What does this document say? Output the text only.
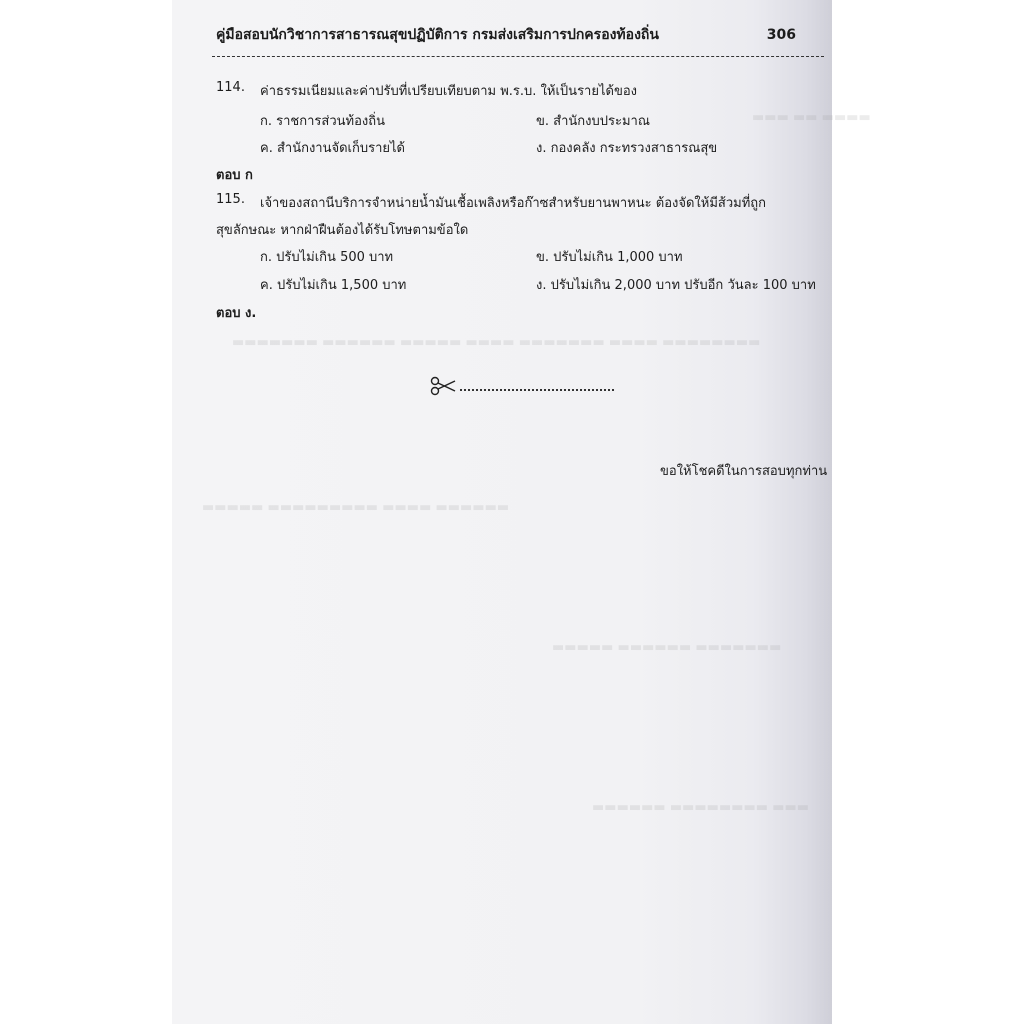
▬▬▬ ▬▬ ▬▬▬▬
▬▬▬▬▬▬▬ ▬▬▬▬▬▬ ▬▬▬▬▬ ▬▬▬▬ ▬▬▬▬▬▬▬ ▬▬▬▬ ▬▬▬▬▬▬▬▬
▬▬▬▬▬ ▬▬▬▬▬▬▬▬▬ ▬▬▬▬ ▬▬▬▬▬▬
▬▬▬▬▬ ▬▬▬▬▬▬ ▬▬▬▬▬▬▬
▬▬▬▬▬▬ ▬▬▬▬▬▬▬▬ ▬▬▬
คู่มือสอบนักวิชาการสาธารณสุขปฏิบัติการ กรมส่งเสริมการปกครองท้องถิ่น	306
114. ค่าธรรมเนียมและค่าปรับที่เปรียบเทียบตาม พ.ร.บ. ให้เป็นรายได้ของ
ก. ราชการส่วนท้องถิ่น	ข. สำนักงบประมาณ
ค. สำนักงานจัดเก็บรายได้	ง. กองคลัง กระทรวงสาธารณสุข
ตอบ ก
115. เจ้าของสถานีบริการจำหน่ายน้ำมันเชื้อเพลิงหรือก๊าซสำหรับยานพาหนะ ต้องจัดให้มีส้วมที่ถูก
สุขลักษณะ หากฝ่าฝืนต้องได้รับโทษตามข้อใด
ก. ปรับไม่เกิน 500 บาท	ข. ปรับไม่เกิน 1,000 บาท
ค. ปรับไม่เกิน 1,500 บาท	ง. ปรับไม่เกิน 2,000 บาท ปรับอีก วันละ 100 บาท
ตอบ ง.
ขอให้โชคดีในการสอบทุกท่าน
